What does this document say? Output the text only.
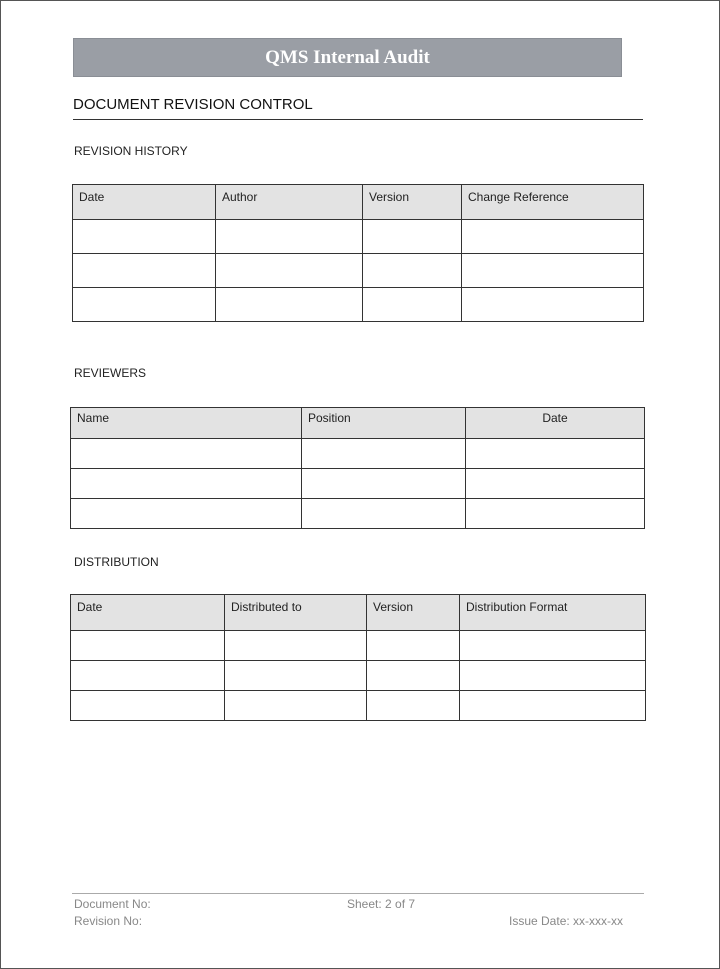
QMS Internal Audit
DOCUMENT REVISION CONTROL
REVISION HISTORY
Date	Author	Version	Change Reference

REVIEWERS
Name	Position	Date

DISTRIBUTION
Date	Distributed to	Version	Distribution Format

Document No:	Sheet: 2 of 7
Revision No:	Issue Date: xx-xxx-xx
